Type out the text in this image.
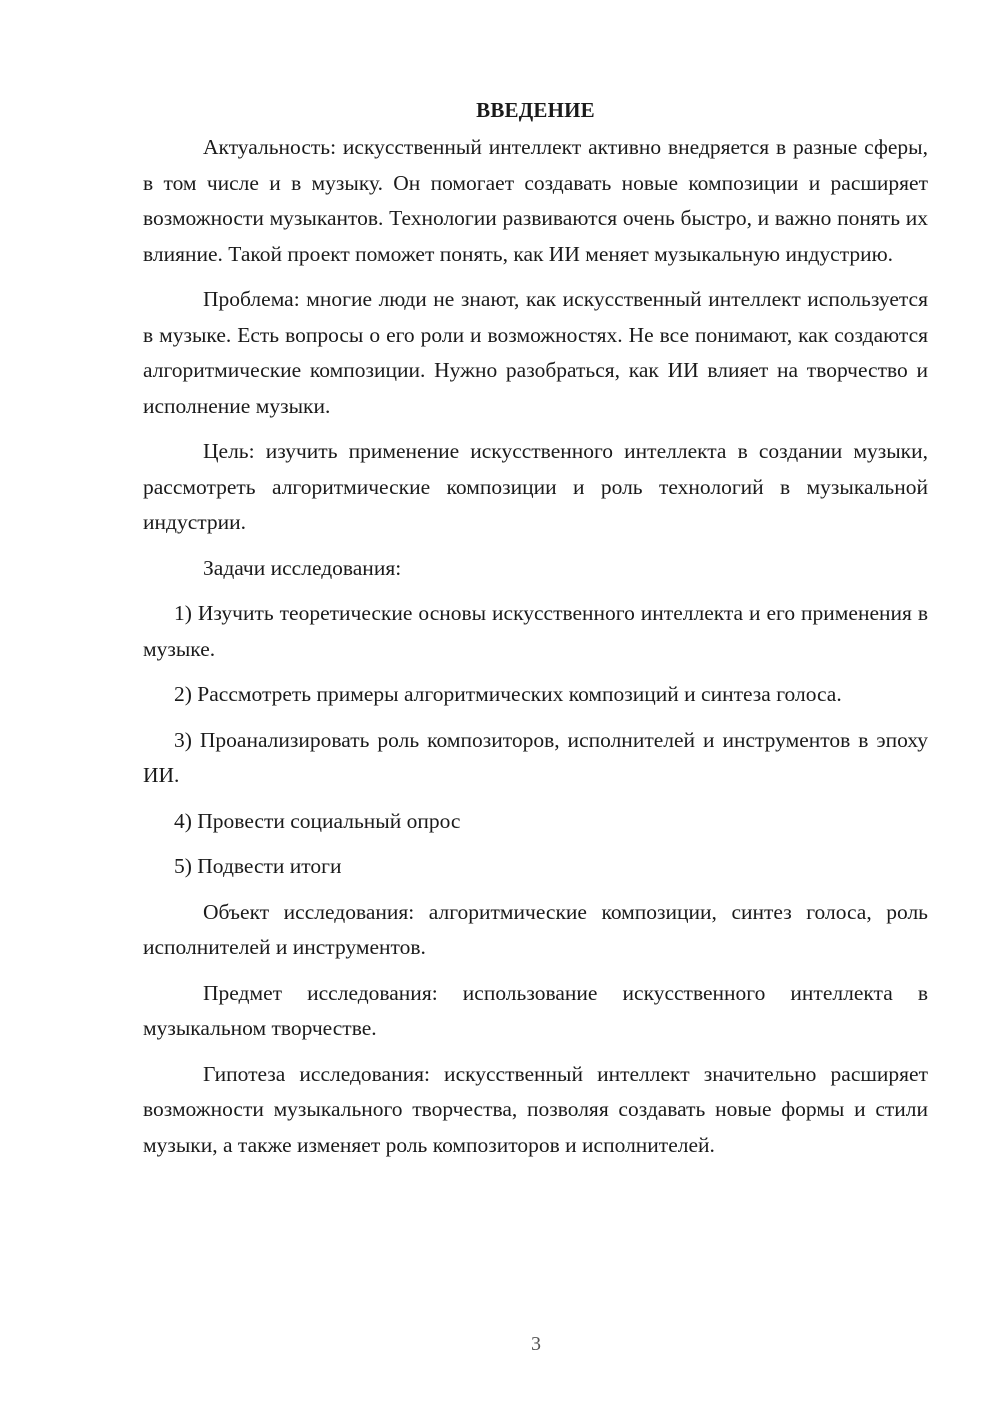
ВВЕДЕНИЕ

Актуальность: искусственный интеллект активно внедряется в разные сферы, в том числе и в музыку. Он помогает создавать новые композиции и расширяет возможности музыкантов. Технологии развиваются очень быстро, и важно понять их влияние. Такой проект поможет понять, как ИИ меняет музыкальную индустрию.

Проблема: многие люди не знают, как искусственный интеллект используется в музыке. Есть вопросы о его роли и возможностях. Не все понимают, как создаются алгоритмические композиции. Нужно разобраться, как ИИ влияет на творчество и исполнение музыки.

Цель: изучить применение искусственного интеллекта в создании музыки, рассмотреть алгоритмические композиции и роль технологий в музыкальной индустрии.

Задачи исследования:

1) Изучить теоретические основы искусственного интеллекта и его применения в музыке.

2) Рассмотреть примеры алгоритмических композиций и синтеза голоса.

3) Проанализировать роль композиторов, исполнителей и инструментов в эпоху ИИ.

4) Провести социальный опрос

5) Подвести итоги

Объект исследования: алгоритмические композиции, синтез голоса, роль исполнителей и инструментов.

Предмет исследования: использование искусственного интеллекта в музыкальном творчестве.

Гипотеза исследования: искусственный интеллект значительно расширяет возможности музыкального творчества, позволяя создавать новые формы и стили музыки, а также изменяет роль композиторов и исполнителей.

3
